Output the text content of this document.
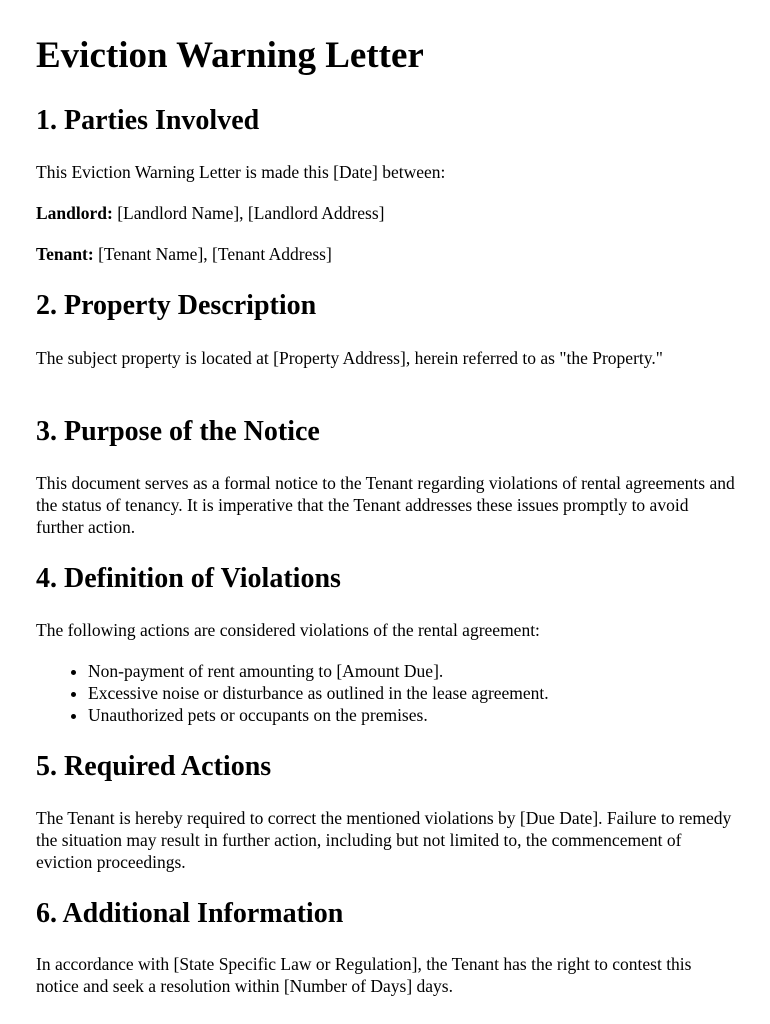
Eviction Warning Letter
1. Parties Involved

This Eviction Warning Letter is made this [Date] between:

Landlord: [Landlord Name], [Landlord Address]

Tenant: [Tenant Name], [Tenant Address]

2. Property Description

The subject property is located at [Property Address], herein referred to as "the Property."

3. Purpose of the Notice

This document serves as a formal notice to the Tenant regarding violations of rental agreements and the status of tenancy. It is imperative that the Tenant addresses these issues promptly to avoid further action.

4. Definition of Violations

The following actions are considered violations of the rental agreement:

• Non-payment of rent amounting to [Amount Due].
• Excessive noise or disturbance as outlined in the lease agreement.
• Unauthorized pets or occupants on the premises.
5. Required Actions

The Tenant is hereby required to correct the mentioned violations by [Due Date]. Failure to remedy the situation may result in further action, including but not limited to, the commencement of eviction proceedings.

6. Additional Information

In accordance with [State Specific Law or Regulation], the Tenant has the right to contest this notice and seek a resolution within [Number of Days] days.
